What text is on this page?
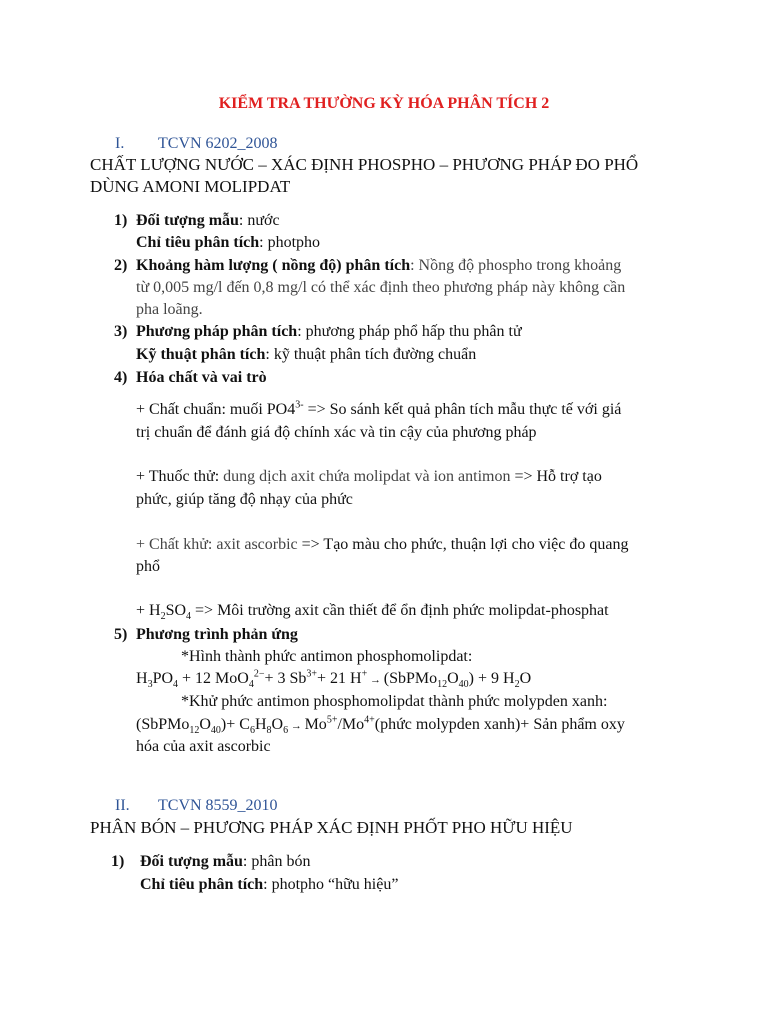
KIỂM TRA THƯỜNG KỲ HÓA PHÂN TÍCH 2
I. TCVN 6202_2008
CHẤT LƯỢNG NƯỚC – XÁC ĐỊNH PHOSPHO – PHƯƠNG PHÁP ĐO PHỔ
DÙNG AMONI MOLIPDAT
1) Đối tượng mẫu: nước
Chỉ tiêu phân tích: photpho
2) Khoảng hàm lượng ( nồng độ) phân tích: Nồng độ phospho trong khoảng
từ 0,005 mg/l đến 0,8 mg/l có thể xác định theo phương pháp này không cần
pha loãng.
3) Phương pháp phân tích: phương pháp phổ hấp thu phân tử
Kỹ thuật phân tích: kỹ thuật phân tích đường chuẩn
4) Hóa chất và vai trò
+ Chất chuẩn: muối $PO4^{3-} => So$ sánh kết quả phân tích mẫu thực tế với giá
trị chuẩn để đánh giá độ chính xác và tin cậy của phương pháp
+ Thuốc thử: dung dịch axit chứa molipdat và ion antimon => Hỗ trợ tạo
phức, giúp tăng độ nhạy của phức
+ Chất khử: axit ascorbic => Tạo màu cho phức, thuận lợi cho việc đo quang
phổ
+ $H_2SO_4$ => Môi trường axit cần thiết để ổn định phức molipdat-phosphat
5) Phương trình phản ứng
*Hình thành phức antimon phosphomolipdat:
$H_3PO_4 + 12$ MoO$_4^{2-}$+ 3 $Sb^{3+}+ 21$ $H^+ \to (SbPMo_{12}O_{40}) + 9$ $H_2O$
*Khử phức antimon phosphomolipdat thành phức molypden xanh:
$(SbPMo_{12}O_{40})+ C_6H_8O_6$ → $Mo^{5+}/Mo^{4+}(phức$ molypden xanh)+ Sản phẩm oxy
hóa của axit ascorbic
II. TCVN 8559_2010
PHÂN BÓN – PHƯƠNG PHÁP XÁC ĐỊNH PHỐT PHO HỮU HIỆU
1) Đối tượng mẫu: phân bón
Chỉ tiêu phân tích: photpho “hữu hiệu”
